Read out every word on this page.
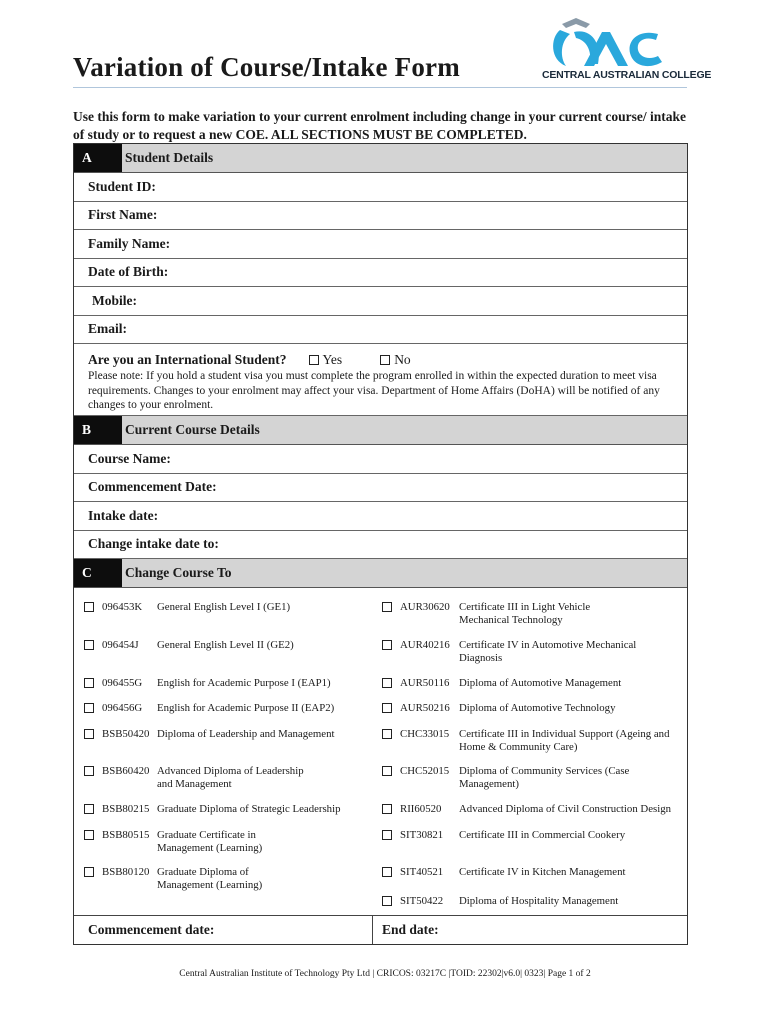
Variation of Course/Intake Form	CENTRAL AUSTRALIAN COLLEGE
Use this form to make variation to your current enrolment including change in your current course/ intake of study or to request a new COE. ALL SECTIONS MUST BE COMPLETED.
A	Student Details
Student ID:
First Name:
Family Name:
Date of Birth:
Mobile:
Email:
Are you an International Student?	Yes	No
Please note: If you hold a student visa you must complete the program enrolled in within the expected duration to meet visa requirements. Changes to your enrolment may affect your visa. Department of Home Affairs (DoHA) will be notified of any changes to your enrolment.
B	Current Course Details
Course Name:
Commencement Date:
Intake date:
Change intake date to:
C	Change Course To
096453K	General English Level I (GE1)
096454J	General English Level II (GE2)
096455G	English for Academic Purpose I (EAP1)
096456G	English for Academic Purpose II (EAP2)
BSB50420 Diploma of Leadership and Management
BSB60420 Advanced Diploma of Leadership
and Management
BSB80215 Graduate Diploma of Strategic Leadership
BSB80515 Graduate Certificate in
Management (Learning)
BSB80120 Graduate Diploma of
Management (Learning)
AUR30620 Certificate III in Light Vehicle
Mechanical Technology
AUR40216 Certificate IV in Automotive Mechanical
Diagnosis
AUR50116 Diploma of Automotive Management
AUR50216 Diploma of Automotive Technology
CHC33015 Certificate III in Individual Support (Ageing and
Home & Community Care)
CHC52015 Diploma of Community Services (Case
Management)
RII60520	Advanced Diploma of Civil Construction Design
SIT30821	Certificate III in Commercial Cookery
SIT40521	Certificate IV in Kitchen Management
SIT50422	Diploma of Hospitality Management
Commencement date:	End date:
Central Australian Institute of Technology Pty Ltd | CRICOS: 03217C |TOID: 22302|v6.0| 0323| Page 1 of 2
